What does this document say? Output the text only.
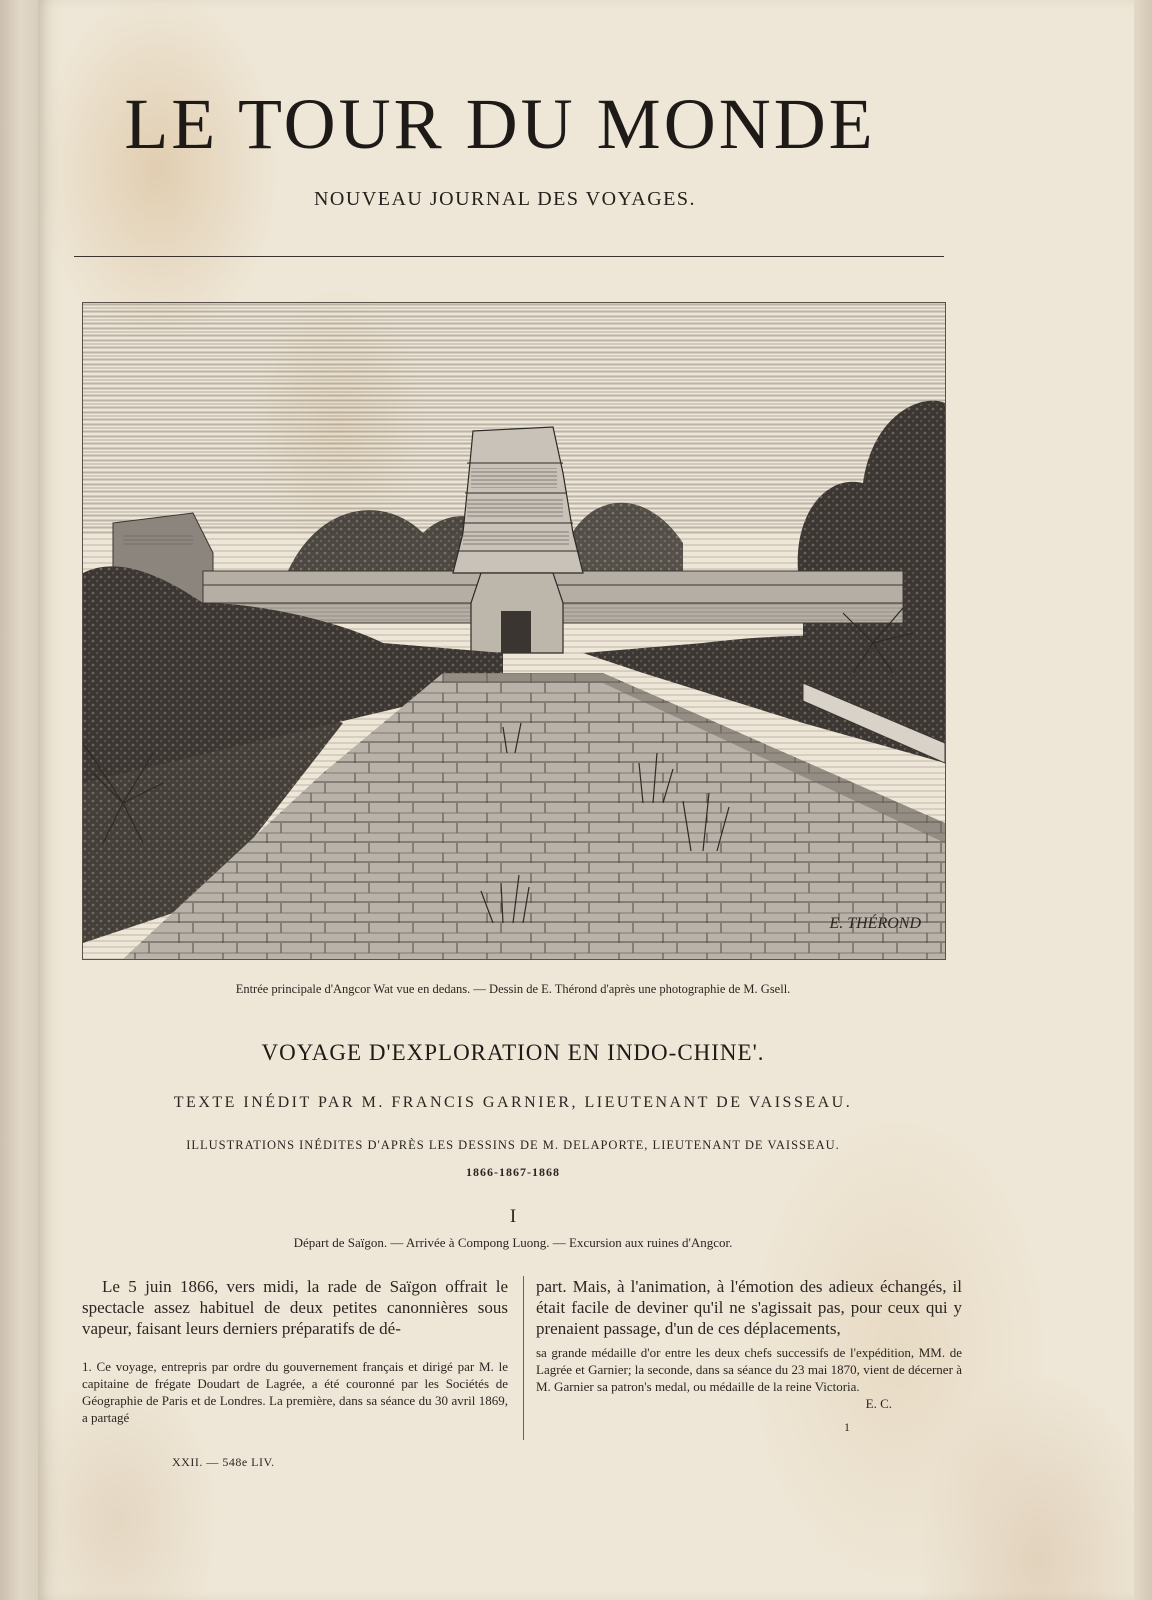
LE TOUR DU MONDE
NOUVEAU JOURNAL DES VOYAGES.
E. THÉROND
Entrée principale d'Angcor Wat vue en dedans. — Dessin de E. Thérond d'après une photographie de M. Gsell.
VOYAGE D'EXPLORATION EN INDO-CHINE'.
TEXTE INÉDIT PAR M. FRANCIS GARNIER, LIEUTENANT DE VAISSEAU.
ILLUSTRATIONS INÉDITES D'APRÈS LES DESSINS DE M. DELAPORTE, LIEUTENANT DE VAISSEAU.
1866-1867-1868
I
Départ de Saïgon. — Arrivée à Compong Luong. — Excursion aux ruines d'Angcor.

Le 5 juin 1866, vers midi, la rade de Saïgon offrait le spectacle assez habituel de deux petites canonnières sous vapeur, faisant leurs derniers préparatifs de dé-

part. Mais, à l'animation, à l'émotion des adieux échangés, il était facile de deviner qu'il ne s'agissait pas, pour ceux qui y prenaient passage, d'un de ces déplacements,

1. Ce voyage, entrepris par ordre du gouvernement français et dirigé par M. le capitaine de frégate Doudart de Lagrée, a été couronné par les Sociétés de Géographie de Paris et de Londres. La première, dans sa séance du 30 avril 1869, a partagé
sa grande médaille d'or entre les deux chefs successifs de l'expédition, MM. de Lagrée et Garnier; la seconde, dans sa séance du 23 mai 1870, vient de décerner à M. Garnier sa patron's medal, ou médaille de la reine Victoria.
E. C.
XXII. — 548e LIV.
1
